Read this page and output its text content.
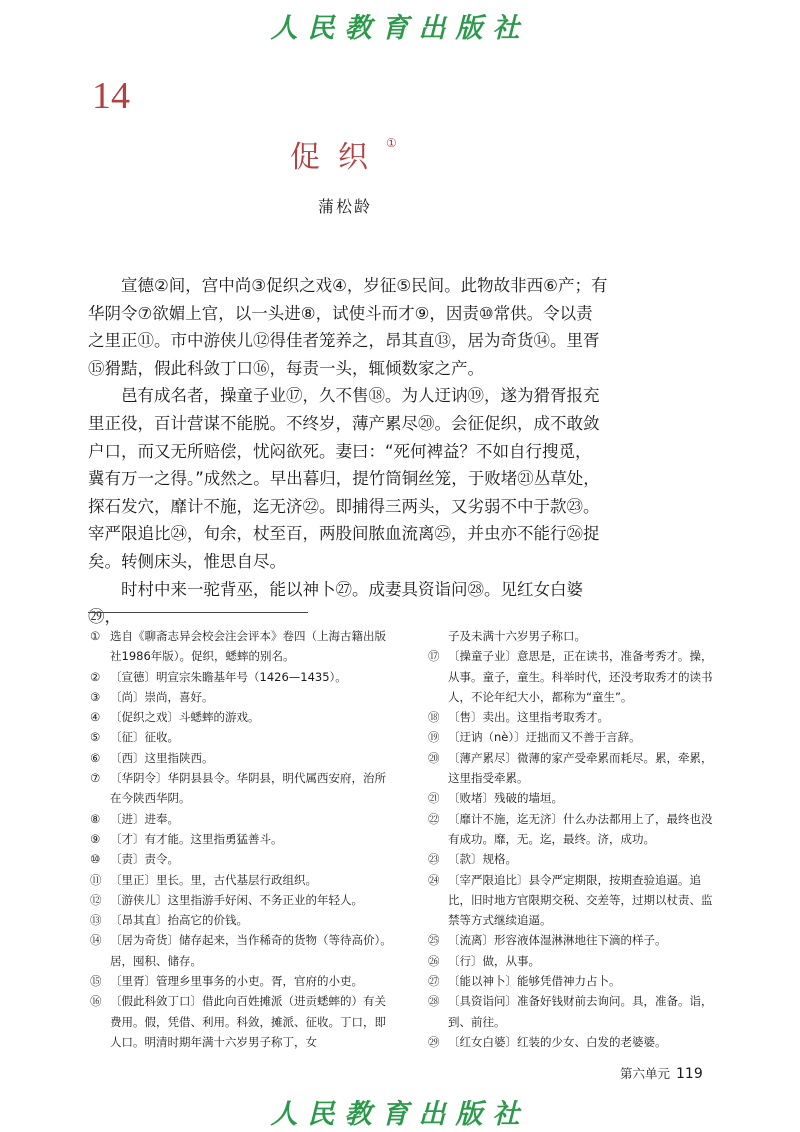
人民教育出版社
14
促织①
蒲松龄

宣德②间，宫中尚③促织之戏④，岁征⑤民间。此物故非西⑥产；有华阴令⑦欲媚上官，以一头进⑧，试使斗而才⑨，因责⑩常供。令以责之里正⑪。市中游侠儿⑫得佳者笼养之，昂其直⑬，居为奇货⑭。里胥⑮猾黠，假此科敛丁口⑯，每责一头，辄倾数家之产。

邑有成名者，操童子业⑰，久不售⑱。为人迂讷⑲，遂为猾胥报充里正役，百计营谋不能脱。不终岁，薄产累尽⑳。会征促织，成不敢敛户口，而又无所赔偿，忧闷欲死。妻曰：“死何裨益？不如自行搜觅，冀有万一之得。”成然之。早出暮归，提竹筒铜丝笼，于败堵㉑丛草处，探石发穴，靡计不施，迄无济㉒。即捕得三两头，又劣弱不中于款㉓。宰严限追比㉔，旬余，杖至百，两股间脓血流离㉕，并虫亦不能行㉖捉矣。转侧床头，惟思自尽。

时村中来一驼背巫，能以神卜㉗。成妻具资诣问㉘。见红女白婆㉙，

① 选自《聊斋志异会校会注会评本》卷四（上海古籍出版社1986年版）。促织，蟋蟀的别名。
② 〔宣德〕明宣宗朱瞻基年号（1426—1435）。
③ 〔尚〕崇尚，喜好。
④ 〔促织之戏〕斗蟋蟀的游戏。
⑤ 〔征〕征收。
⑥ 〔西〕这里指陕西。
⑦ 〔华阴令〕华阴县县令。华阴县，明代属西安府，治所在今陕西华阴。
⑧ 〔进〕进奉。
⑨ 〔才〕有才能。这里指勇猛善斗。
⑩ 〔责〕责令。
⑪ 〔里正〕里长。里，古代基层行政组织。
⑫ 〔游侠儿〕这里指游手好闲、不务正业的年轻人。
⑬ 〔昂其直〕抬高它的价钱。
⑭ 〔居为奇货〕储存起来，当作稀奇的货物（等待高价）。居，囤积、储存。
⑮ 〔里胥〕管理乡里事务的小吏。胥，官府的小吏。
⑯ 〔假此科敛丁口〕借此向百姓摊派（进贡蟋蟀的）有关费用。假，凭借、利用。科敛，摊派、征收。丁口，即人口。明清时期年满十六岁男子称丁，女
子及未满十六岁男子称口。
⑰ 〔操童子业〕意思是，正在读书，准备考秀才。操，从事。童子，童生。科举时代，还没考取秀才的读书人，不论年纪大小，都称为“童生”。
⑱ 〔售〕卖出。这里指考取秀才。
⑲ 〔迂讷（nè）〕迂拙而又不善于言辞。
⑳ 〔薄产累尽〕微薄的家产受牵累而耗尽。累，牵累，这里指受牵累。
㉑ 〔败堵〕残破的墙垣。
㉒ 〔靡计不施，迄无济〕什么办法都用上了，最终也没有成功。靡，无。迄，最终。济，成功。
㉓ 〔款〕规格。
㉔ 〔宰严限追比〕县令严定期限，按期查验追逼。追比，旧时地方官限期交税、交差等，过期以杖责、监禁等方式继续追逼。
㉕ 〔流离〕形容液体湿淋淋地往下滴的样子。
㉖ 〔行〕做，从事。
㉗ 〔能以神卜〕能够凭借神力占卜。
㉘ 〔具资诣问〕准备好钱财前去询问。具，准备。诣，到、前往。
㉙ 〔红女白婆〕红装的少女、白发的老婆婆。
第六单元 119
人民教育出版社
